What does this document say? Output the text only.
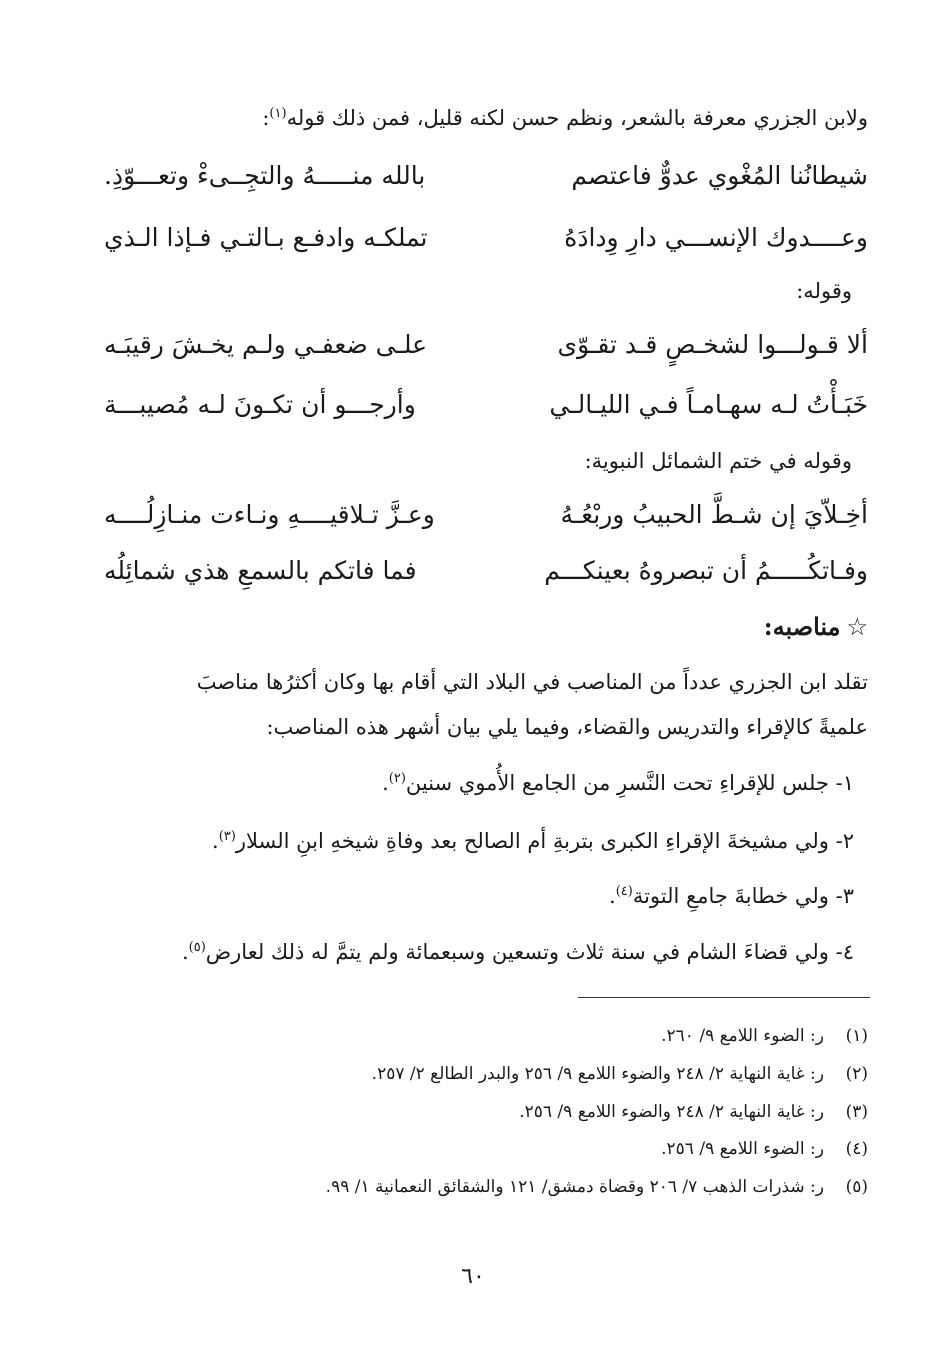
ولابن الجزري معرفة بالشعر، ونظم حسن لكنه قليل، فمن ذلك قوله$^{(١)}$:
شيطانُنا المُغْوي عدوٌّ فاعتصم
بالله منـــــهُ والتجِــىءْ وتعـــوّذِ.
وعــــدوك الإنســـي دارِ وِدادَهُ
تملكـه وادفـع بـالتـي فـإذا الـذي
وقوله:
ألا قـولـــوا لشخـصٍ قـد تقـوّى
علـى ضعفـي ولـم يخـشَ رقيبَـه
خَبَـأْتُ لـه سهـامـاً فـي الليـالـي
وأرجـــو أن تكـونَ لـه مُصيبـــة
وقوله في ختم الشمائل النبوية:
أخِـلاّيَ إن شـطَّ الحبيبُ وربْعُـهُ
وعـزَّ تـلاقيــــهِ ونـاءت منـازِلُــــه
وفـاتكُـــــمُ أن تبصروهُ بعينكـــم
فما فاتكم بالسمعِ هذي شمائِلُه
☆مناصبه:
تقلد ابن الجزري عدداً من المناصب في البلاد التي أقام بها وكان أكثرُها مناصبَ
علميةً كالإقراء والتدريس والقضاء، وفيما يلي بيان أشهر هذه المناصب:
١- جلس للإقراءِ تحت النَّسرِ من الجامع الأُموي سنين$^{(٢)}$.
٢- ولي مشيخةَ الإقراءِ الكبرى بتربةِ أم الصالح بعد وفاةِ شيخهِ ابنِ السلار$^{(٣)}$.
٣- ولي خطابةَ جامعِ التوتة$^{(٤)}$.
٤- ولي قضاءَ الشام في سنة ثلاث وتسعين وسبعمائة ولم يتمَّ له ذلك لعارض$^{(٥)}$.
(١)ر: الضوء اللامع ٩/ ٢٦٠.
(٢)ر: غاية النهاية ٢/ ٢٤٨ والضوء اللامع ٩/ ٢٥٦ والبدر الطالع ٢/ ٢٥٧.
(٣)ر: غاية النهاية ٢/ ٢٤٨ والضوء اللامع ٩/ ٢٥٦.
(٤)ر: الضوء اللامع ٩/ ٢٥٦.
(٥)ر: شذرات الذهب ٧/ ٢٠٦ وقضاة دمشق/ ١٢١ والشقائق النعمانية ١/ ٩٩.
٦٠
